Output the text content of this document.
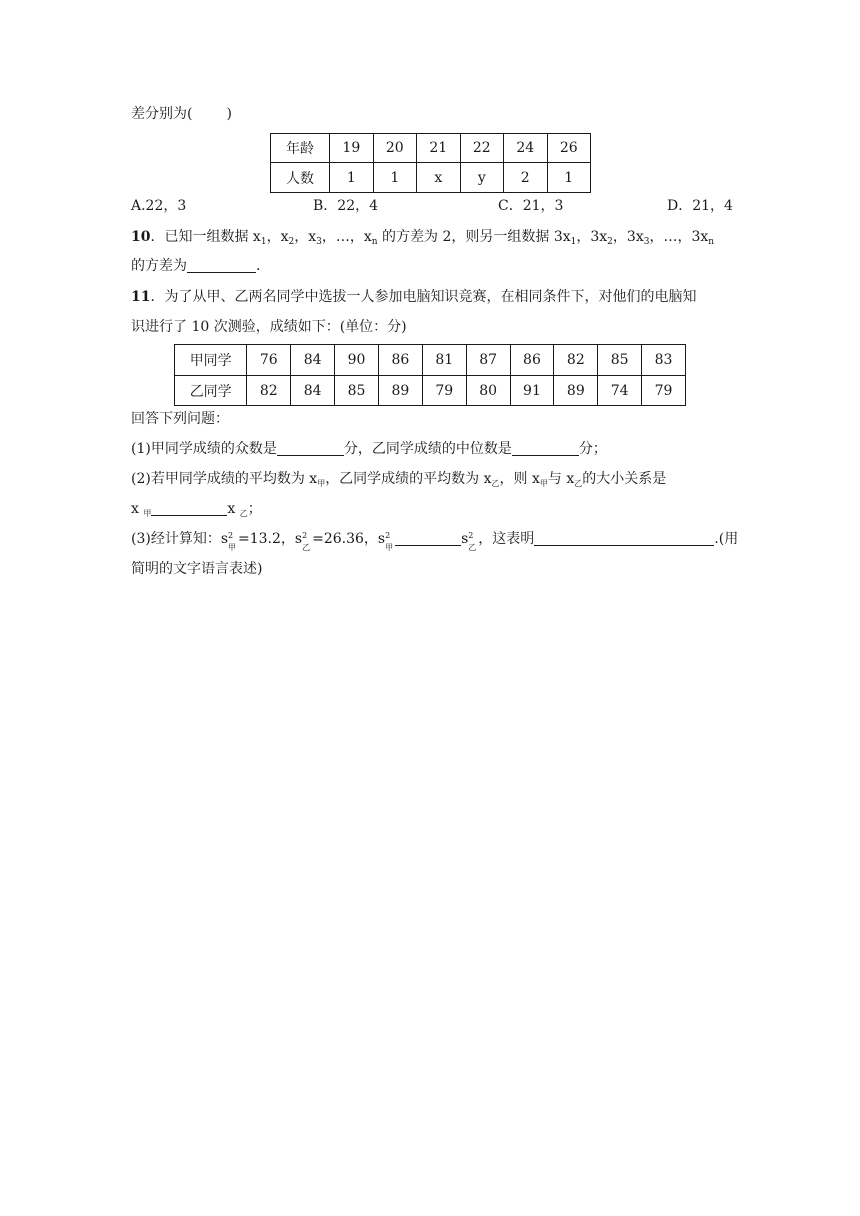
差分别为( )
年龄	19	20	21	22	24	26
人数	1	1	x	y	2	1
A.22，3	B．22，4	C．21，3	D．21，4
10．已知一组数据 $x_1$，$x_2$，$x_3$，…，$x_n$ 的方差为 2，则另一组数据 $3x_1$，$3x_2$，$3x_3$，…，$3x_n$
的方差为	.
11．为了从甲、乙两名同学中选拔一人参加电脑知识竞赛，在相同条件下，对他们的电脑知
识进行了 10 次测验，成绩如下：(单位：分)
甲同学	76	84	90	86	81	87	86	82	85	83
乙同学	82	84	85	89	79	80	91	89	74	79
回答下列问题：
(1)甲同学成绩的众数是	分，乙同学成绩的中位数是	分；
(2)若甲同学成绩的平均数为 $x_甲$，乙同学成绩的平均数为 $x_乙$，则 $x_甲$与 $x_乙$的大小关系是
x $_甲$	x $_乙$；
(3)经计算知：s 2
甲
=13.2，s 2
乙
=26.36，s 2
甲
s 2
乙
，这表明	.(用
简明的文字语言表述)
